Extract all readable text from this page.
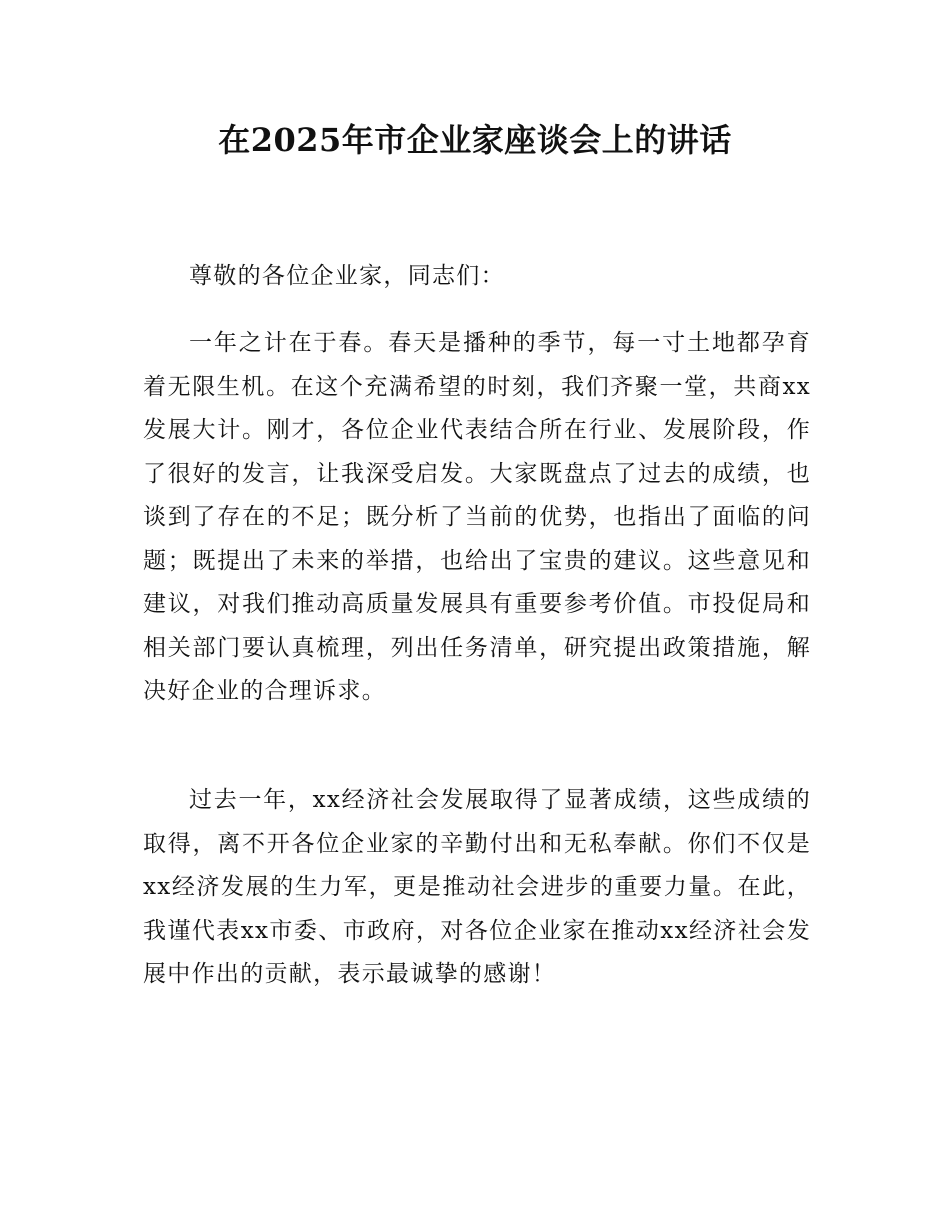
在2025年市企业家座谈会上的讲话

尊敬的各位企业家，同志们：

一年之计在于春。春天是播种的季节，每一寸土地都孕育着无限生机。在这个充满希望的时刻，我们齐聚一堂，共商xx发展大计。刚才，各位企业代表结合所在行业、发展阶段，作了很好的发言，让我深受启发。大家既盘点了过去的成绩，也谈到了存在的不足；既分析了当前的优势，也指出了面临的问题；既提出了未来的举措，也给出了宝贵的建议。这些意见和建议，对我们推动高质量发展具有重要参考价值。市投促局和相关部门要认真梳理，列出任务清单，研究提出政策措施，解决好企业的合理诉求。

过去一年，xx经济社会发展取得了显著成绩，这些成绩的取得，离不开各位企业家的辛勤付出和无私奉献。你们不仅是xx经济发展的生力军，更是推动社会进步的重要力量。在此，我谨代表xx市委、市政府，对各位企业家在推动xx经济社会发展中作出的贡献，表示最诚挚的感谢！
